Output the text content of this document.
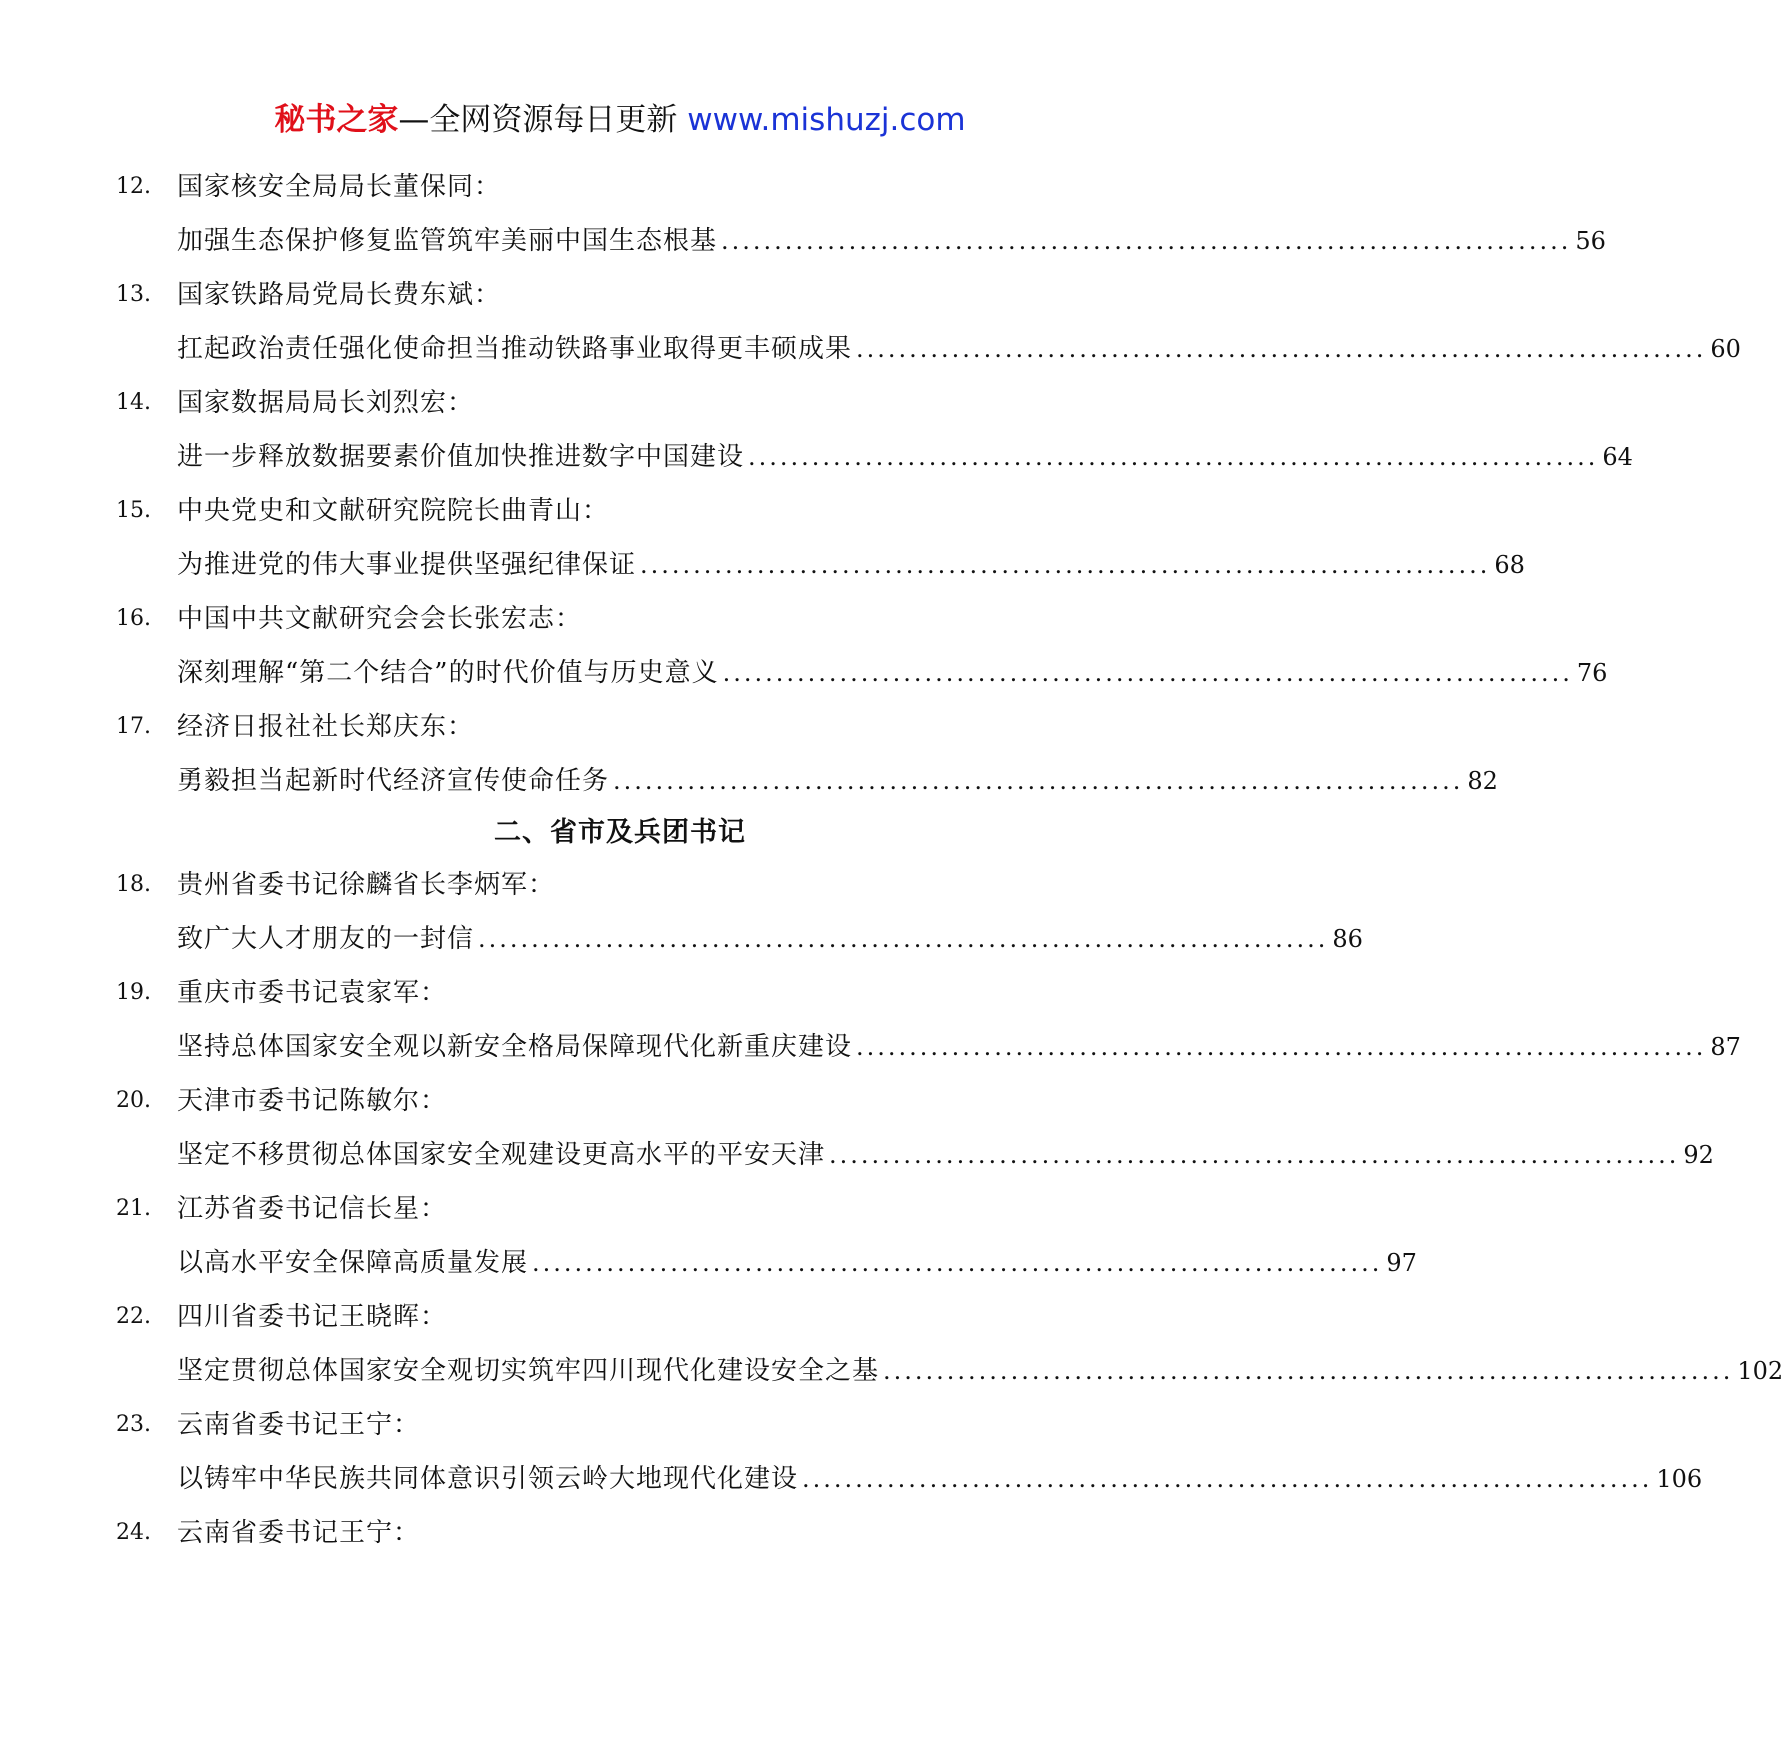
秘书之家—全网资源每日更新 www.mishuzj.com
12.	国家核安全局局长董保同：
加强生态保护修复监管筑牢美丽中国生态根基 ................................................................................ 56
13.	国家铁路局党局长费东斌：
扛起政治责任强化使命担当推动铁路事业取得更丰硕成果 ................................................................................ 60
14.	国家数据局局长刘烈宏：
进一步释放数据要素价值加快推进数字中国建设 ................................................................................ 64
15.	中央党史和文献研究院院长曲青山：
为推进党的伟大事业提供坚强纪律保证 ................................................................................ 68
16.	中国中共文献研究会会长张宏志：
深刻理解“第二个结合”的时代价值与历史意义 ................................................................................ 76
17.	经济日报社社长郑庆东：
勇毅担当起新时代经济宣传使命任务 ................................................................................ 82
二、省市及兵团书记
18.	贵州省委书记徐麟省长李炳军：
致广大人才朋友的一封信 ................................................................................ 86
19.	重庆市委书记袁家军：
坚持总体国家安全观以新安全格局保障现代化新重庆建设 ................................................................................ 87
20.	天津市委书记陈敏尔：
坚定不移贯彻总体国家安全观建设更高水平的平安天津 ................................................................................ 92
21.	江苏省委书记信长星：
以高水平安全保障高质量发展 ................................................................................ 97
22.	四川省委书记王晓晖：
坚定贯彻总体国家安全观切实筑牢四川现代化建设安全之基 ................................................................................ 102
23.	云南省委书记王宁：
以铸牢中华民族共同体意识引领云岭大地现代化建设 ................................................................................ 106
24.	云南省委书记王宁：
